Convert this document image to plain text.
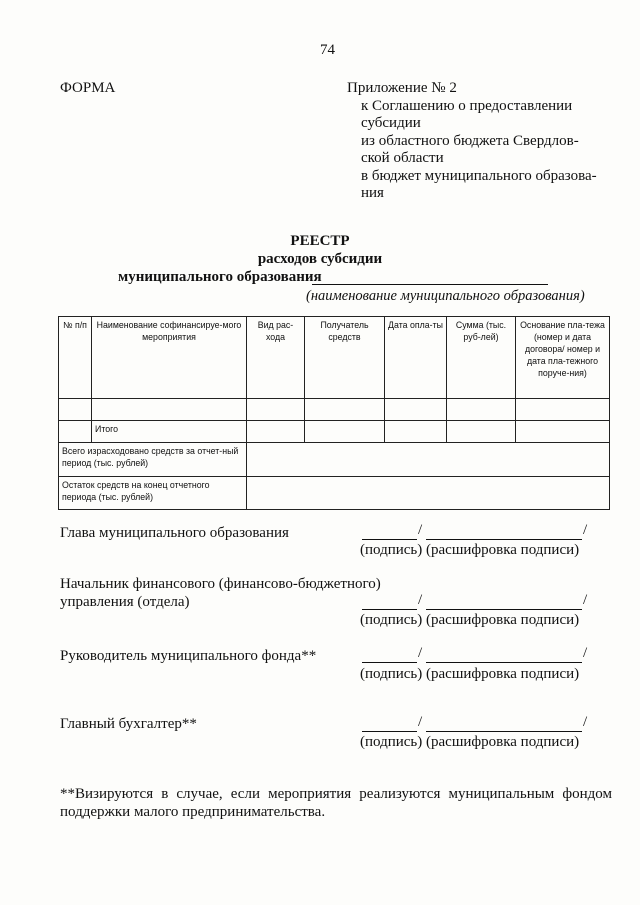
74
ФОРМА	Приложение № 2
к Соглашению о предоставлении
субсидии
из областного бюджета Свердлов-
ской области
в бюджет муниципального образова-
ния
РЕЕСТР
расходов субсидии
муниципального образования
(наименование муниципального образования)
№ п/п	Наименование софинансируе-мого мероприятия	Вид рас-хода	Получатель средств	Дата опла-ты	Сумма (тыс. руб-лей)	Основание пла-тежа (номер и дата договора/ номер и дата пла-тежного поруче-ния)

	Итого					
Всего израсходовано средств за отчет-ный период (тыс. рублей)						
Остаток средств на конец отчетного периода (тыс. рублей)						
Глава муниципального образования	/	/
(подпись) (расшифровка подписи)
Начальник финансового (финансово-бюджетного)
управления (отдела)	/	/
(подпись) (расшифровка подписи)
Руководитель муниципального фонда**	/	/
(подпись) (расшифровка подписи)
Главный бухгалтер**	/	/
(подпись) (расшифровка подписи)
**Визируются в случае, если мероприятия реализуются муниципальным фондом поддержки малого предпринимательства.
